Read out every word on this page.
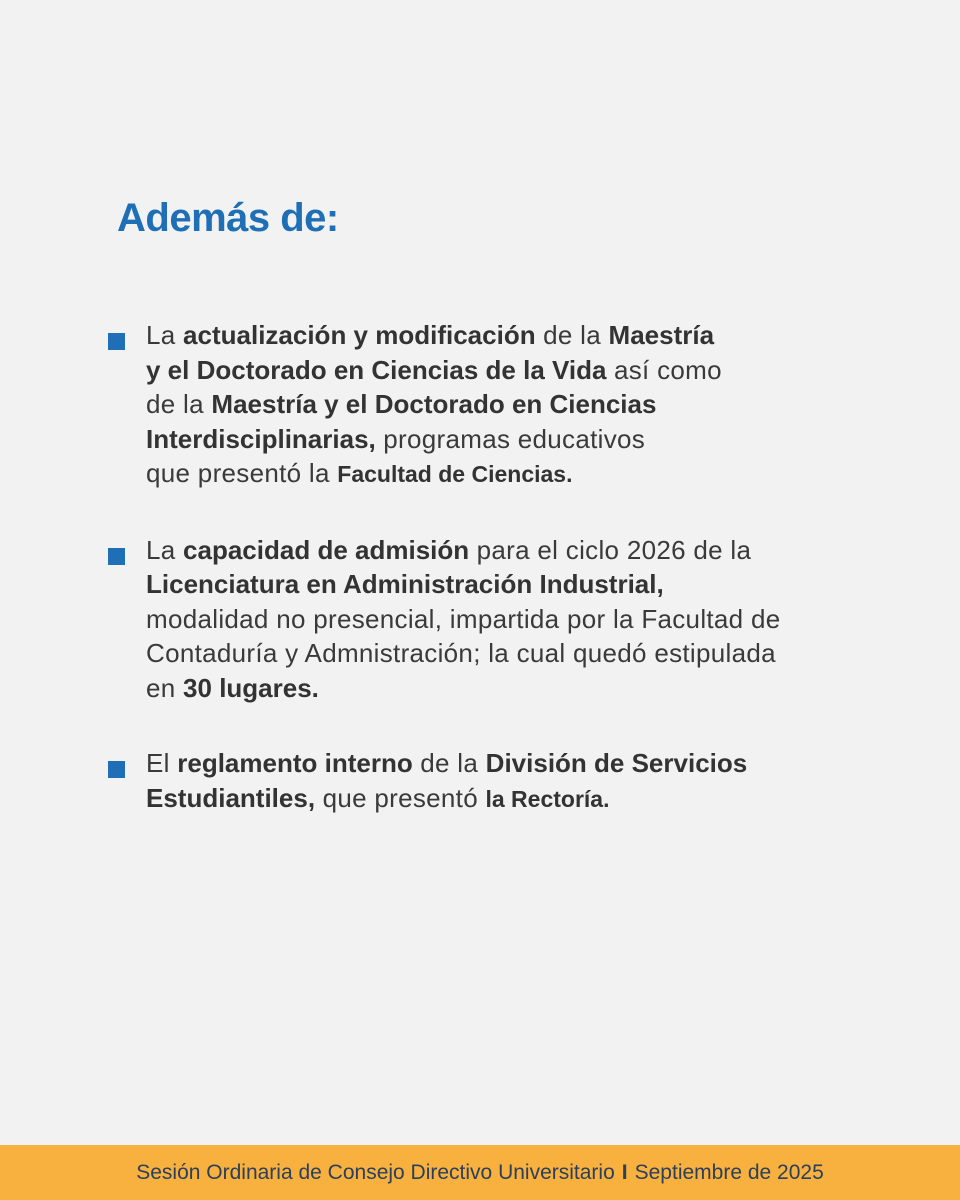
Además de:
La actualización y modificación de la Maestría
y el Doctorado en Ciencias de la Vida así como
de la Maestría y el Doctorado en Ciencias
Interdisciplinarias, programas educativos
que presentó la Facultad de Ciencias.
La capacidad de admisión para el ciclo 2026 de la
Licenciatura en Administración Industrial,
modalidad no presencial, impartida por la Facultad de
Contaduría y Admnistración; la cual quedó estipulada
en 30 lugares.
El reglamento interno de la División de Servicios
Estudiantiles, que presentó la Rectoría.
Sesión Ordinaria de Consejo Directivo Universitario I Septiembre de 2025
